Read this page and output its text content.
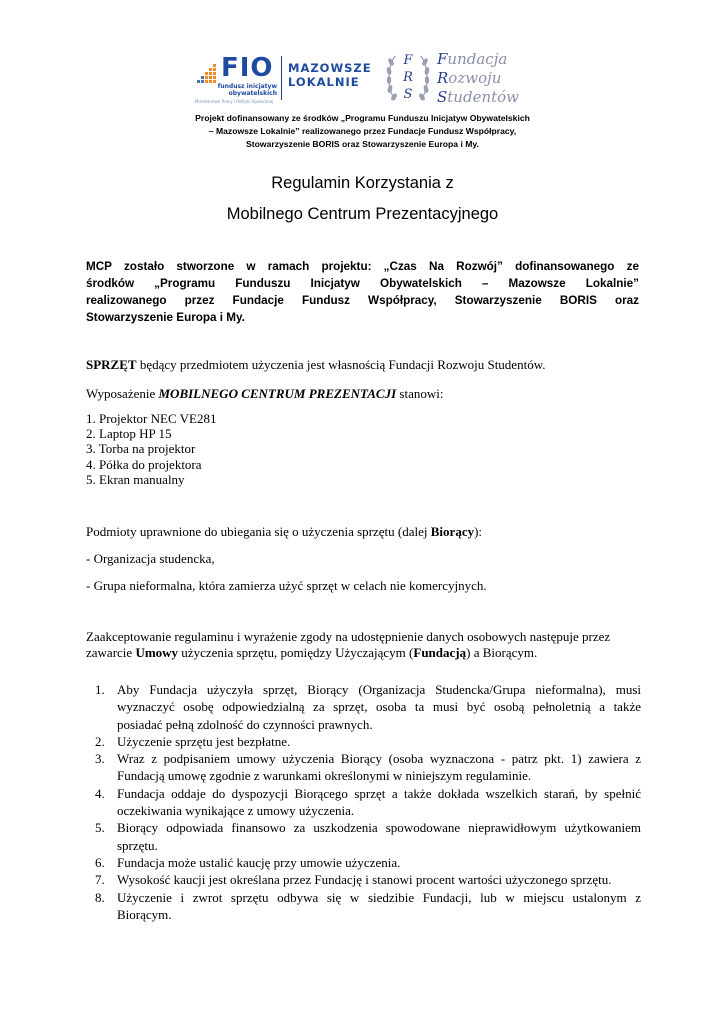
FIO
fundusz inicjatyw
obywatelskich
Ministerstwo Pracy i Polityki Społecznej
MAZOWSZE
LOKALNIE
F
R
S
Fundacja
Rozwoju
Studentów
Projekt dofinansowany ze środków „Programu Funduszu Inicjatyw Obywatelskich
– Mazowsze Lokalnie” realizowanego przez Fundacje Fundusz Współpracy,
Stowarzyszenie BORIS oraz Stowarzyszenie Europa i My.
Regulamin Korzystania z
Mobilnego Centrum Prezentacyjnego
MCP zostało stworzone w ramach projektu: „Czas Na Rozwój” dofinansowanego ze
środków „Programu Funduszu Inicjatyw Obywatelskich – Mazowsze Lokalnie”
realizowanego przez Fundacje Fundusz Współpracy, Stowarzyszenie BORIS oraz
Stowarzyszenie Europa i My.
SPRZĘT będący przedmiotem użyczenia jest własnością Fundacji Rozwoju Studentów.
Wyposażenie MOBILNEGO CENTRUM PREZENTACJI stanowi:
1. Projektor NEC VE281
2. Laptop HP 15
3. Torba na projektor
4. Półka do projektora
5. Ekran manualny
Podmioty uprawnione do ubiegania się o użyczenia sprzętu (dalej Biorący):
- Organizacja studencka,
- Grupa nieformalna, która zamierza użyć sprzęt w celach nie komercyjnych.
Zaakceptowanie regulaminu i wyrażenie zgody na udostępnienie danych osobowych następuje przez
zawarcie Umowy użyczenia sprzętu, pomiędzy Użyczającym (Fundacją) a Biorącym.
1. Aby Fundacja użyczyła sprzęt, Biorący (Organizacja Studencka/Grupa nieformalna), musi
wyznaczyć osobę odpowiedzialną za sprzęt, osoba ta musi być osobą pełnoletnią a także
posiadać pełną zdolność do czynności prawnych.
2. Użyczenie sprzętu jest bezpłatne.
3. Wraz z podpisaniem umowy użyczenia Biorący (osoba wyznaczona - patrz pkt. 1) zawiera z
Fundacją umowę zgodnie z warunkami określonymi w niniejszym regulaminie.
4. Fundacja oddaje do dyspozycji Biorącego sprzęt a także dokłada wszelkich starań, by spełnić
oczekiwania wynikające z umowy użyczenia.
5. Biorący odpowiada finansowo za uszkodzenia spowodowane nieprawidłowym użytkowaniem
sprzętu.
6. Fundacja może ustalić kaucję przy umowie użyczenia.
7. Wysokość kaucji jest określana przez Fundację i stanowi procent wartości użyczonego sprzętu.
8. Użyczenie i zwrot sprzętu odbywa się w siedzibie Fundacji, lub w miejscu ustalonym z
Biorącym.
